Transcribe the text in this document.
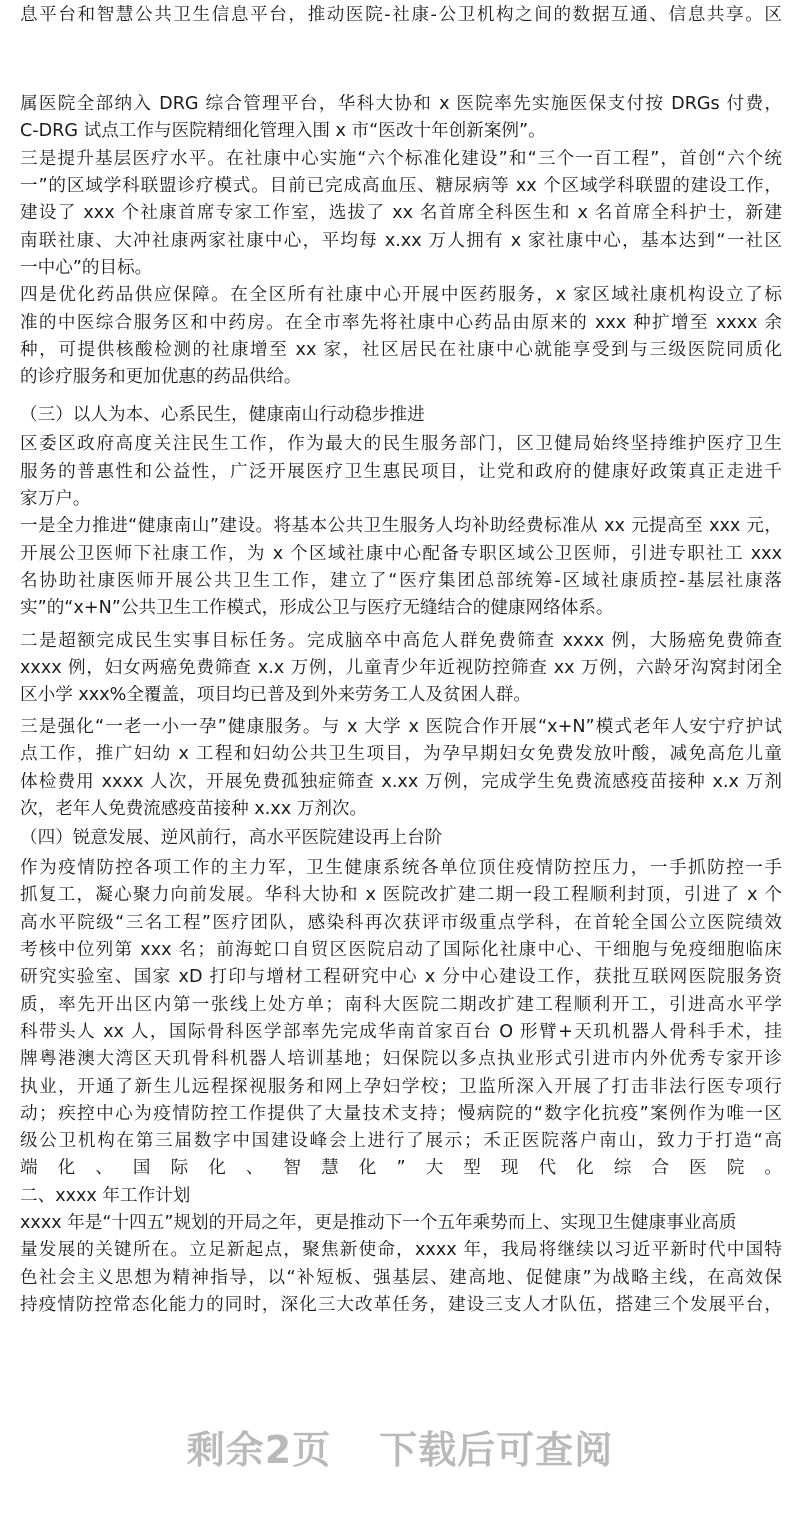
息平台和智慧公共卫生信息平台，推动医院-社康-公卫机构之间的数据互通、信息共享。区
属医院全部纳入 DRG 综合管理平台，华科大协和 x 医院率先实施医保支付按 DRGs 付费，
C-DRG 试点工作与医院精细化管理入围 x 市“医改十年创新案例”。
三是提升基层医疗水平。在社康中心实施“六个标准化建设”和“三个一百工程”，首创“六个统
一”的区域学科联盟诊疗模式。目前已完成高血压、糖尿病等 xx 个区域学科联盟的建设工作，
建设了 xxx 个社康首席专家工作室，选拔了 xx 名首席全科医生和 x 名首席全科护士，新建
南联社康、大冲社康两家社康中心，平均每 x.xx 万人拥有 x 家社康中心，基本达到“一社区
一中心”的目标。
四是优化药品供应保障。在全区所有社康中心开展中医药服务，x 家区域社康机构设立了标
准的中医综合服务区和中药房。在全市率先将社康中心药品由原来的 xxx 种扩增至 xxxx 余
种，可提供核酸检测的社康增至 xx 家，社区居民在社康中心就能享受到与三级医院同质化
的诊疗服务和更加优惠的药品供给。
（三）以人为本、心系民生，健康南山行动稳步推进
区委区政府高度关注民生工作，作为最大的民生服务部门，区卫健局始终坚持维护医疗卫生
服务的普惠性和公益性，广泛开展医疗卫生惠民项目，让党和政府的健康好政策真正走进千
家万户。
一是全力推进“健康南山”建设。将基本公共卫生服务人均补助经费标准从 xx 元提高至 xxx 元，
开展公卫医师下社康工作，为 x 个区域社康中心配备专职区域公卫医师，引进专职社工 xxx
名协助社康医师开展公共卫生工作，建立了“医疗集团总部统筹-区域社康质控-基层社康落
实”的“x+N”公共卫生工作模式，形成公卫与医疗无缝结合的健康网络体系。
二是超额完成民生实事目标任务。完成脑卒中高危人群免费筛查 xxxx 例，大肠癌免费筛查
xxxx 例，妇女两癌免费筛查 x.x 万例，儿童青少年近视防控筛查 xx 万例，六龄牙沟窝封闭全
区小学 xxx%全覆盖，项目均已普及到外来劳务工人及贫困人群。
三是强化“一老一小一孕”健康服务。与 x 大学 x 医院合作开展“x+N”模式老年人安宁疗护试
点工作，推广妇幼 x 工程和妇幼公共卫生项目，为孕早期妇女免费发放叶酸，减免高危儿童
体检费用 xxxx 人次，开展免费孤独症筛查 x.xx 万例，完成学生免费流感疫苗接种 x.x 万剂
次，老年人免费流感疫苗接种 x.xx 万剂次。
（四）锐意发展、逆风前行，高水平医院建设再上台阶
作为疫情防控各项工作的主力军，卫生健康系统各单位顶住疫情防控压力，一手抓防控一手
抓复工，凝心聚力向前发展。华科大协和 x 医院改扩建二期一段工程顺利封顶，引进了 x 个
高水平院级“三名工程”医疗团队，感染科再次获评市级重点学科，在首轮全国公立医院绩效
考核中位列第 xxx 名；前海蛇口自贸区医院启动了国际化社康中心、干细胞与免疫细胞临床
研究实验室、国家 xD 打印与增材工程研究中心 x 分中心建设工作，获批互联网医院服务资
质，率先开出区内第一张线上处方单；南科大医院二期改扩建工程顺利开工，引进高水平学
科带头人 xx 人，国际骨科医学部率先完成华南首家百台 O 形臂+天玑机器人骨科手术，挂
牌粤港澳大湾区天玑骨科机器人培训基地；妇保院以多点执业形式引进市内外优秀专家开诊
执业，开通了新生儿远程探视服务和网上孕妇学校；卫监所深入开展了打击非法行医专项行
动；疾控中心为疫情防控工作提供了大量技术支持；慢病院的“数字化抗疫”案例作为唯一区
级公卫机构在第三届数字中国建设峰会上进行了展示；禾正医院落户南山，致力于打造“高
端化、国际化、智慧化”大型现代化综合医院。
二、xxxx 年工作计划
xxxx 年是“十四五”规划的开局之年，更是推动下一个五年乘势而上、实现卫生健康事业高质
量发展的关键所在。立足新起点，聚焦新使命，xxxx 年，我局将继续以习近平新时代中国特
色社会主义思想为精神指导，以“补短板、强基层、建高地、促健康”为战略主线，在高效保
持疫情防控常态化能力的同时，深化三大改革任务，建设三支人才队伍，搭建三个发展平台，
剩余2页 下载后可查阅
